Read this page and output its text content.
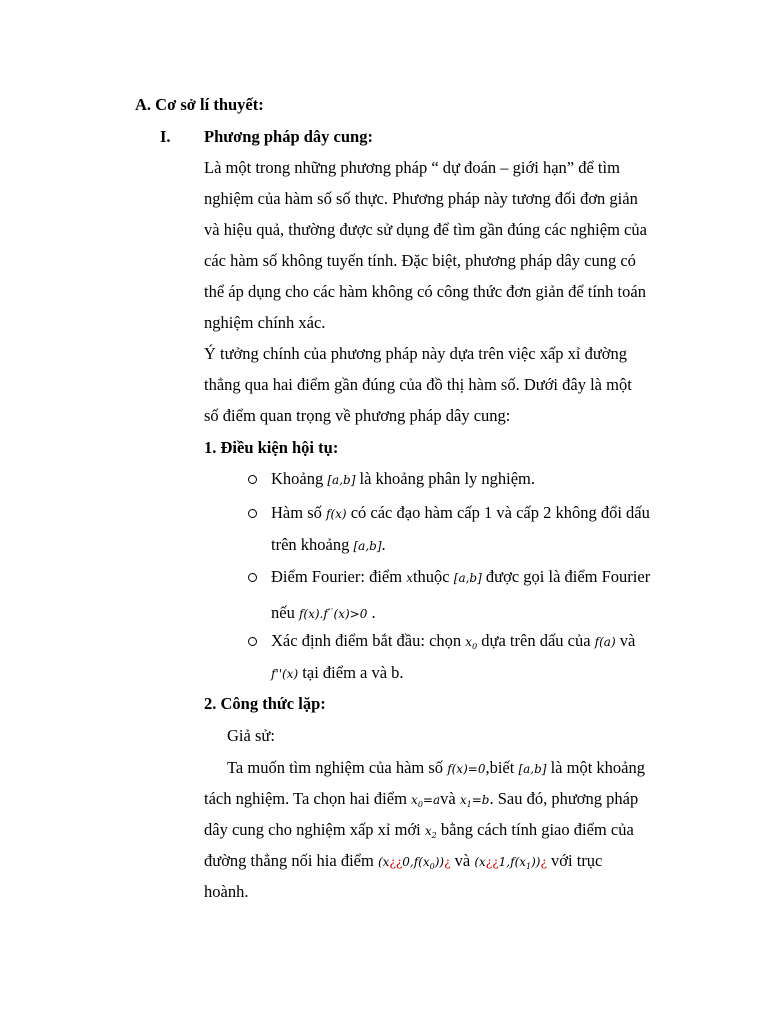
A. Cơ sở lí thuyết:
I. Phương pháp dây cung:
Là một trong những phương pháp “ dự đoán – giới hạn” để tìm
nghiệm của hàm số số thực. Phương pháp này tương đối đơn giản
và hiệu quả, thường được sử dụng để tìm gần đúng các nghiệm của
các hàm số không tuyến tính. Đặc biệt, phương pháp dây cung có
thể áp dụng cho các hàm không có công thức đơn giản để tính toán
nghiệm chính xác.
Ý tưởng chính của phương pháp này dựa trên việc xấp xỉ đường
thẳng qua hai điểm gần đúng của đồ thị hàm số. Dưới đây là một
số điểm quan trọng về phương pháp dây cung:
1. Điều kiện hội tụ:
Khoảng [a,b] là khoảng phân ly nghiệm.
Hàm số f(x) có các đạo hàm cấp 1 và cấp 2 không đổi dấu
trên khoảng [a,b].
Điểm Fourier: điểm xthuộc [a,b] được gọi là điểm Fourier
nếu f(x).f··(x)>0 .
Xác định điểm bắt đầu: chọn $x_0$ dựa trên dấu của f(a) và
f''(x) tại điểm a và b.
2. Công thức lặp:
Giả sử:
Ta muốn tìm nghiệm của hàm số f(x)=0,biết [a,b] là một khoảng
tách nghiệm. Ta chọn hai điểm $x_0=avà$ $x_1=b$. Sau đó, phương pháp
dây cung cho nghiệm xấp xỉ mới $x_2$ bằng cách tính giao điểm của
đường thẳng nối hia điểm $(x¿¿0,f(x_0))¿$ và $(x¿¿1,f(x_1))¿$ với trục
hoành.
